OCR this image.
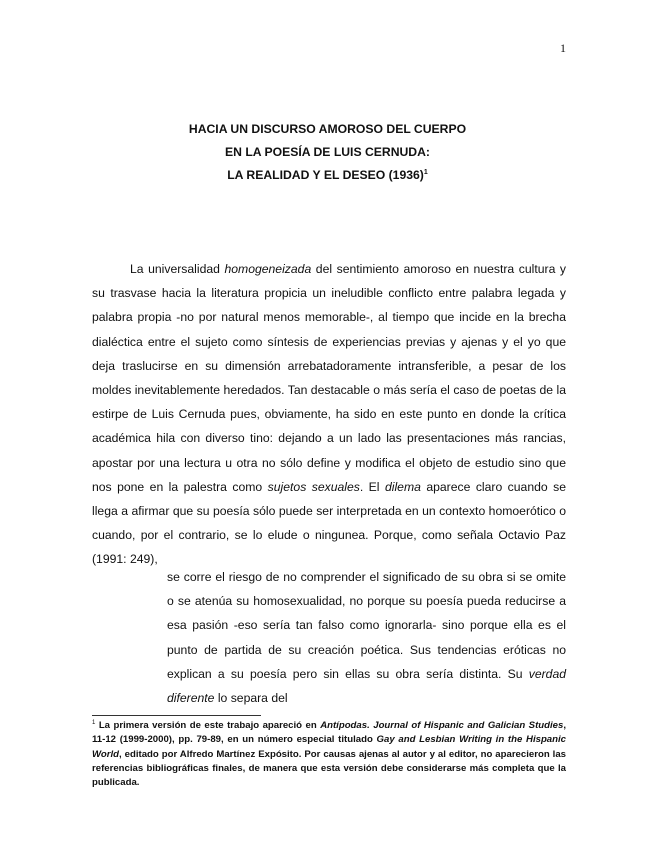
1
HACIA UN DISCURSO AMOROSO DEL CUERPO
EN LA POESÍA DE LUIS CERNUDA:
LA REALIDAD Y EL DESEO $(1936)^1$

La universalidad homogeneizada del sentimiento amoroso en nuestra cultura y su trasvase hacia la literatura propicia un ineludible conflicto entre palabra legada y palabra propia -no por natural menos memorable-, al tiempo que incide en la brecha dialéctica entre el sujeto como síntesis de experiencias previas y ajenas y el yo que deja traslucirse en su dimensión arrebatadoramente intransferible, a pesar de los moldes inevitablemente heredados. Tan destacable o más sería el caso de poetas de la estirpe de Luis Cernuda pues, obviamente, ha sido en este punto en donde la crítica académica hila con diverso tino: dejando a un lado las presentaciones más rancias, apostar por una lectura u otra no sólo define y modifica el objeto de estudio sino que nos pone en la palestra como sujetos sexuales. El dilema aparece claro cuando se llega a afirmar que su poesía sólo puede ser interpretada en un contexto homoerótico o cuando, por el contrario, se lo elude o ninguneа. Porque, como señala Octavio Paz (1991: 249),

se corre el riesgo de no comprender el significado de su obra si se omite o se atenúa su homosexualidad, no porque su poesía pueda reducirse a esa pasión -eso sería tan falso como ignorarla- sino porque ella es el punto de partida de su creación poética. Sus tendencias eróticas no explican a su poesía pero sin ellas su obra sería distinta. Su verdad diferente lo separa del

$^1$ La primera versión de este trabajo apareció en Antípodas. Journal of Hispanic and Galician Studies, 11-12 (1999-2000), pp. 79-89, en un número especial titulado Gay and Lesbian Writing in the Hispanic World, editado por Alfredo Martínez Expósito. Por causas ajenas al autor y al editor, no aparecieron las referencias bibliográficas finales, de manera que esta versión debe considerarse más completa que la publicada.
